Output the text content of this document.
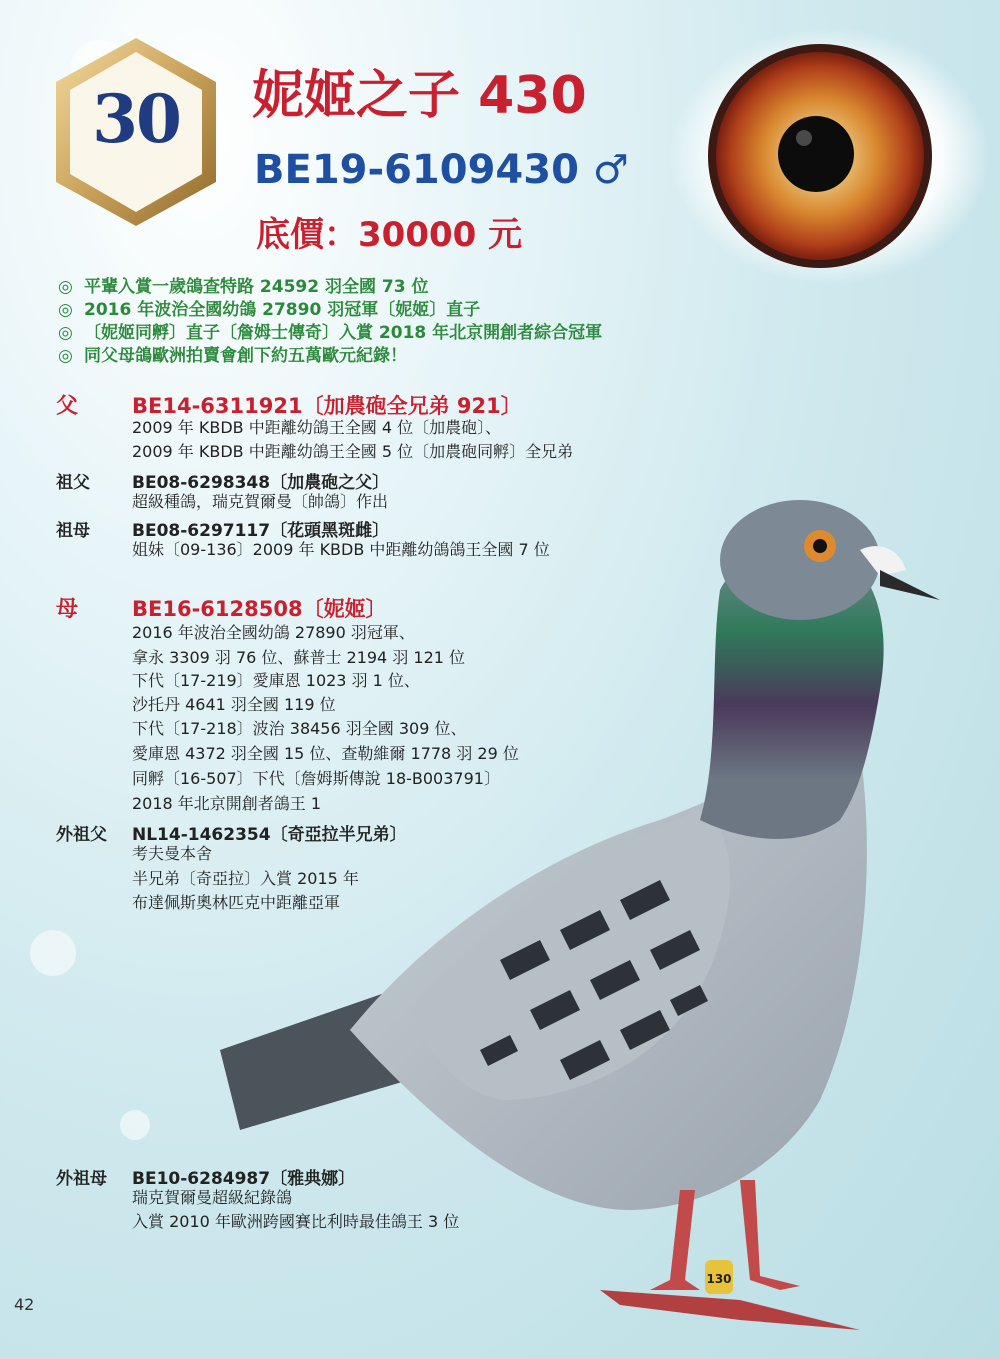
30	妮姬之子 430
BE19-6109430 ♂
底價：30000 元
◎ 平輩入賞一歲鴿查特路 24592 羽全國 73 位
◎ 2016 年波治全國幼鴿 27890 羽冠軍〔妮姬〕直子
◎ 〔妮姬同孵〕直子〔詹姆士傳奇〕入賞 2018 年北京開創者綜合冠軍
◎ 同父母鴿歐洲拍賣會創下約五萬歐元紀錄！
130
父	BE14-6311921〔加農砲全兄弟 921〕
2009 年 KBDB 中距離幼鴿王全國 4 位〔加農砲〕、
2009 年 KBDB 中距離幼鴿王全國 5 位〔加農砲同孵〕全兄弟
祖父 BE08-6298348〔加農砲之父〕
超級種鴿，瑞克賀爾曼〔帥鴿〕作出
祖母 BE08-6297117〔花頭黑斑雌〕
姐妹〔09-136〕2009 年 KBDB 中距離幼鴿鴿王全國 7 位
母	BE16-6128508〔妮姬〕
2016 年波治全國幼鴿 27890 羽冠軍、
拿永 3309 羽 76 位、蘇普士 2194 羽 121 位
下代〔17-219〕愛庫恩 1023 羽 1 位、
沙托丹 4641 羽全國 119 位
下代〔17-218〕波治 38456 羽全國 309 位、
愛庫恩 4372 羽全國 15 位、查勒維爾 1778 羽 29 位
同孵〔16-507〕下代〔詹姆斯傳說 18-B003791〕
2018 年北京開創者鴿王 1
外祖父 NL14-1462354〔奇亞拉半兄弟〕
考夫曼本舍
半兄弟〔奇亞拉〕入賞 2015 年
布達佩斯奧林匹克中距離亞軍
外祖母 BE10-6284987〔雅典娜〕
瑞克賀爾曼超級紀錄鴿
入賞 2010 年歐洲跨國賽比利時最佳鴿王 3 位
42
